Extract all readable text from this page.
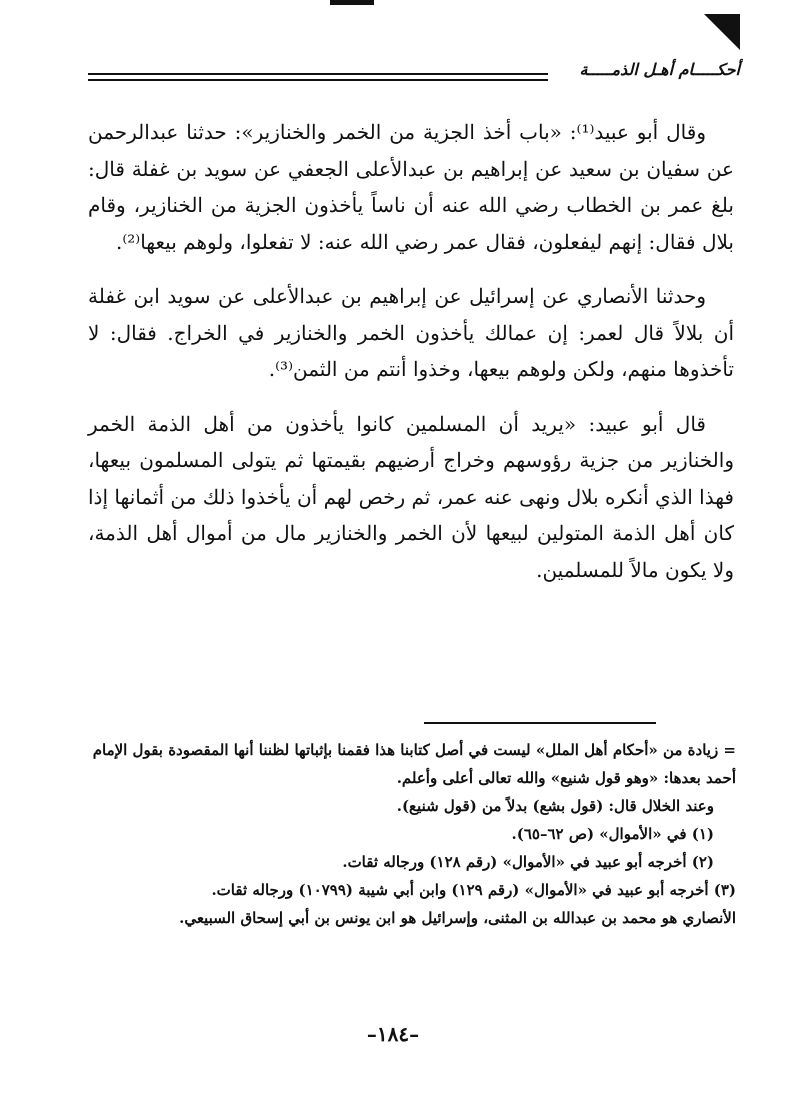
أحكـــــام أهـل الذمـــــة

وقال أبو عبيد⁽¹⁾: «باب أخذ الجزية من الخمر والخنازير»: حدثنا عبدالرحمن عن سفيان بن سعيد عن إبراهيم بن عبدالأعلى الجعفي عن سويد بن غفلة قال: بلغ عمر بن الخطاب رضي الله عنه أن ناساً يأخذون الجزية من الخنازير، وقام بلال فقال: إنهم ليفعلون، فقال عمر رضي الله عنه: لا تفعلوا، ولوهم بيعها⁽²⁾.

وحدثنا الأنصاري عن إسرائيل عن إبراهيم بن عبدالأعلى عن سويد ابن غفلة أن بلالاً قال لعمر: إن عمالك يأخذون الخمر والخنازير في الخراج. فقال: لا تأخذوها منهم، ولكن ولوهم بيعها، وخذوا أنتم من الثمن⁽³⁾.

قال أبو عبيد: «يريد أن المسلمين كانوا يأخذون من أهل الذمة الخمر والخنازير من جزية رؤوسهم وخراج أرضيهم بقيمتها ثم يتولى المسلمون بيعها، فهذا الذي أنكره بلال ونهى عنه عمر، ثم رخص لهم أن يأخذوا ذلك من أثمانها إذا كان أهل الذمة المتولين لبيعها لأن الخمر والخنازير مال من أموال أهل الذمة، ولا يكون مالاً للمسلمين.

= زيادة من «أحكام أهل الملل» ليست في أصل كتابنا هذا فقمنا بإثباتها لظننا أنها المقصودة بقول الإمام أحمد بعدها: «وهو قول شنيع» والله تعالى أعلى وأعلم.

وعند الخلال قال: (قول بشع) بدلاً من (قول شنيع).

(١) في «الأموال» (ص ٦٢–٦٥).

(٢) أخرجه أبو عبيد في «الأموال» (رقم ١٢٨) ورجاله ثقات.

(٣) أخرجه أبو عبيد في «الأموال» (رقم ١٢٩) وابن أبي شيبة (١٠٧٩٩) ورجاله ثقات.

الأنصاري هو محمد بن عبدالله بن المثنى، وإسرائيل هو ابن يونس بن أبي إسحاق السبيعي.

–١٨٤–
